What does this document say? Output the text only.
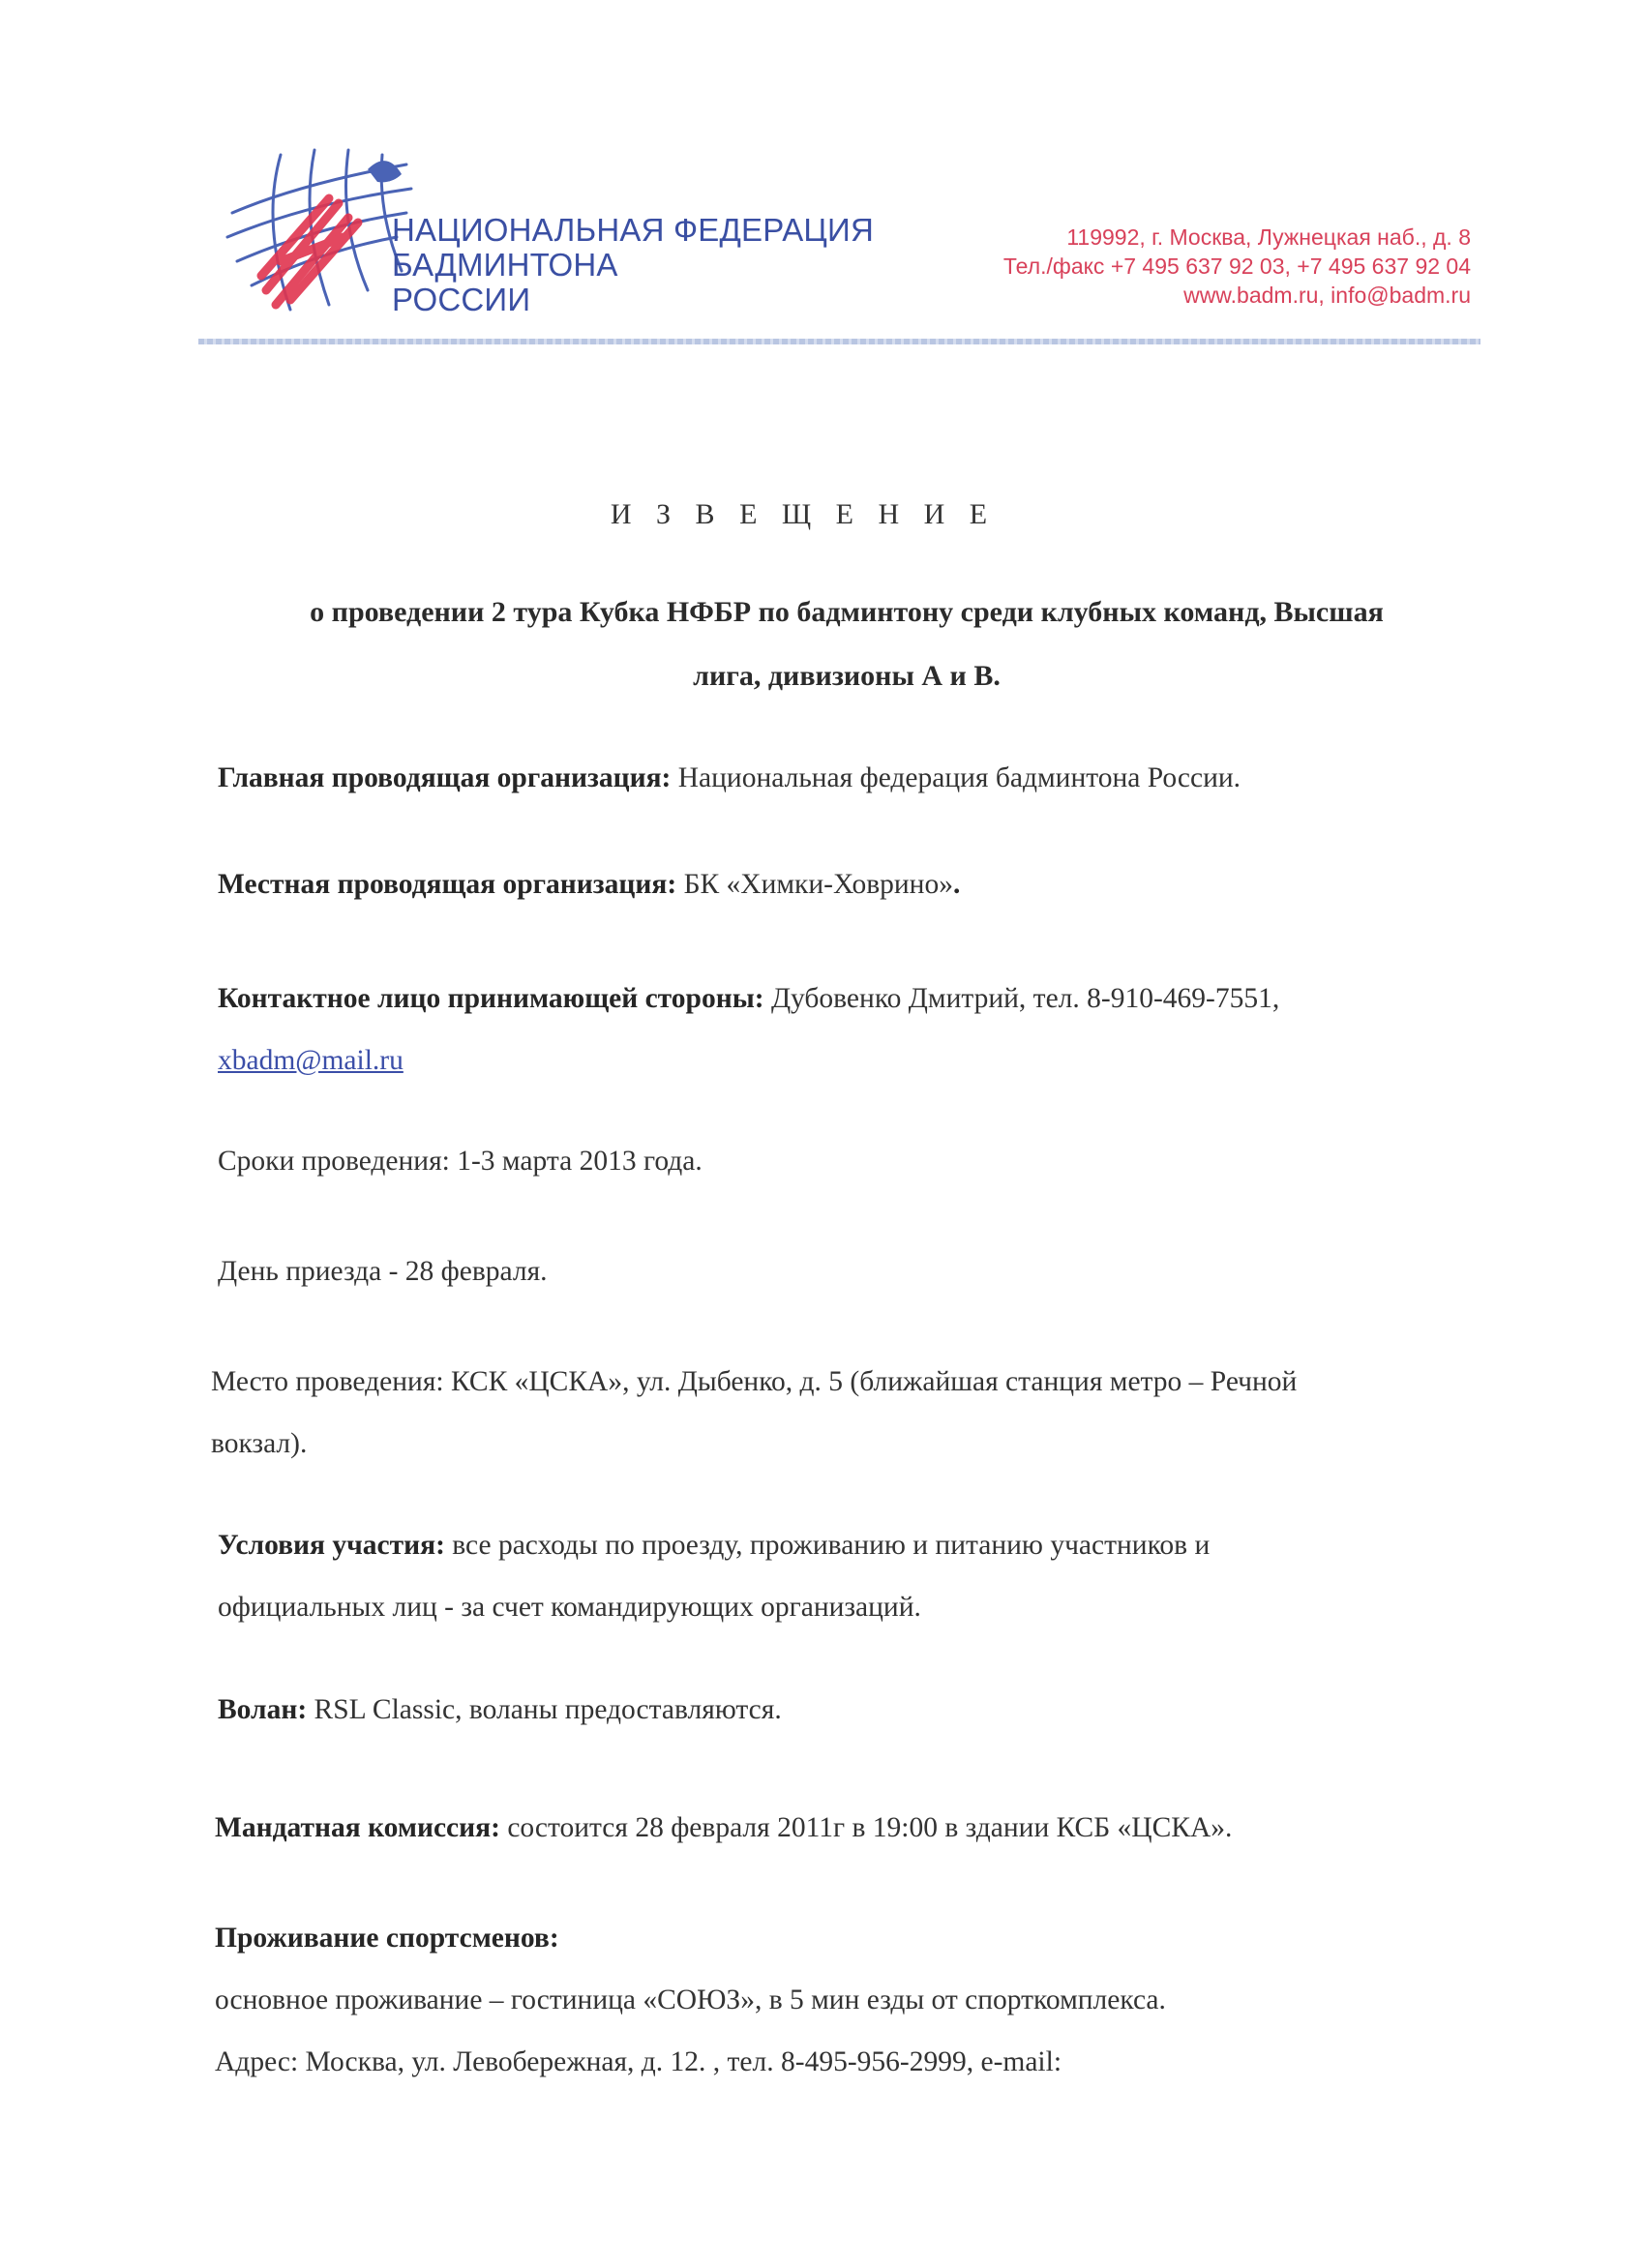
НАЦИОНАЛЬНАЯ ФЕДЕРАЦИЯ
БАДМИНТОНА
РОССИИ
119992, г. Москва, Лужнецкая наб., д. 8
Тел./факс +7 495 637 92 03, +7 495 637 92 04
www.badm.ru, info@badm.ru
И З В Е Щ Е Н И Е
о проведении 2 тура Кубка НФБР по бадминтону среди клубных команд, Высшая
лига, дивизионы А и В.
Главная проводящая организация: Национальная федерация бадминтона России.
Местная проводящая организация: БК «Химки-Ховрино».
Контактное лицо принимающей стороны: Дубовенко Дмитрий, тел. 8-910-469-7551,
xbadm@mail.ru
Сроки проведения: 1-3 марта 2013 года.
День приезда - 28 февраля.
Место проведения: КСК «ЦСКА», ул. Дыбенко, д. 5 (ближайшая станция метро – Речной
вокзал).
Условия участия: все расходы по проезду, проживанию и питанию участников и
официальных лиц - за счет командирующих организаций.
Волан: RSL Classic, воланы предоставляются.
Мандатная комиссия: состоится 28 февраля 2011г в 19:00 в здании КСБ «ЦСКА».
Проживание спортсменов:
основное проживание – гостиница «СОЮЗ», в 5 мин езды от спорткомплекса.
Адрес: Москва, ул. Левобережная, д. 12. , тел. 8-495-956-2999, e-mail:
